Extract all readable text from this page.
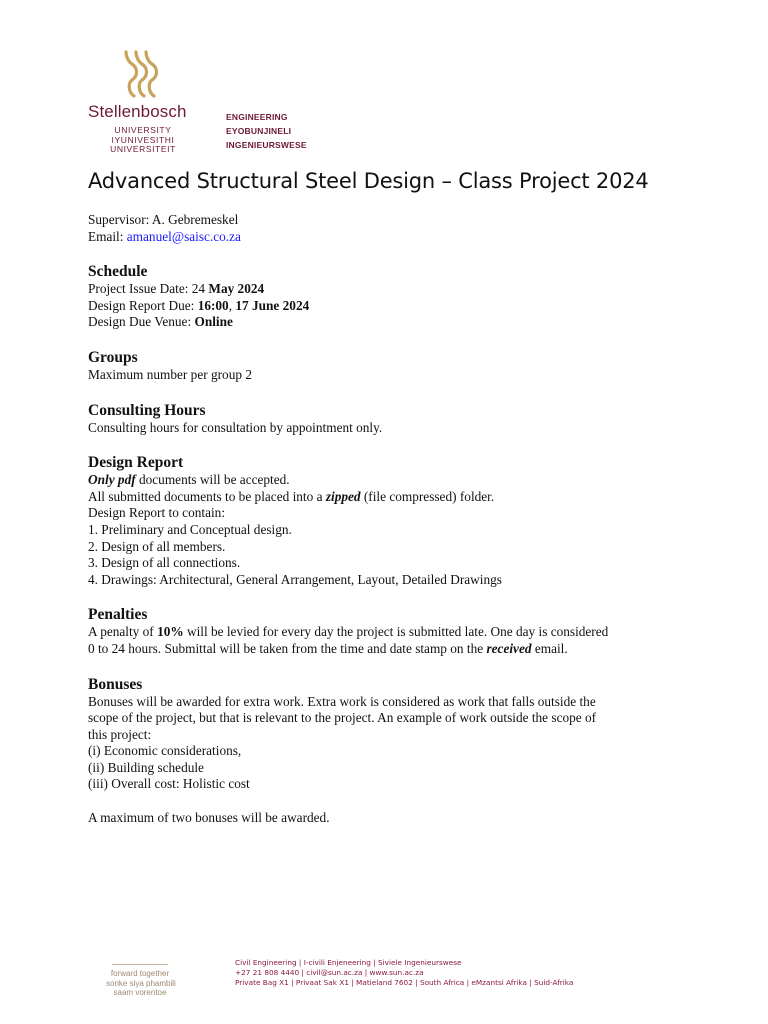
Stellenbosch
UNIVERSITY
IYUNIVESITHI
UNIVERSITEIT
ENGINEERING
EYOBUNJINELI
INGENIEURSWESE
Advanced Structural Steel Design – Class Project 2024
Supervisor: A. Gebremeskel
Email: amanuel@saisc.co.za
Schedule
Project Issue Date: 24 May 2024
Design Report Due: 16:00, 17 June 2024
Design Due Venue: Online
Groups
Maximum number per group 2
Consulting Hours
Consulting hours for consultation by appointment only.
Design Report
Only pdf documents will be accepted.
All submitted documents to be placed into a zipped (file compressed) folder.
Design Report to contain:
1. Preliminary and Conceptual design.
2. Design of all members.
3. Design of all connections.
4. Drawings: Architectural, General Arrangement, Layout, Detailed Drawings
Penalties
A penalty of 10% will be levied for every day the project is submitted late. One day is considered
0 to 24 hours. Submittal will be taken from the time and date stamp on the received email.
Bonuses
Bonuses will be awarded for extra work. Extra work is considered as work that falls outside the
scope of the project, but that is relevant to the project. An example of work outside the scope of
this project:
(i) Economic considerations,
(ii) Building schedule
(iii) Overall cost: Holistic cost
A maximum of two bonuses will be awarded.
forward together
sonke siya phambili
saam vorentoe
Civil Engineering | I-civili Enjeneering | Siviele Ingenieurswese
+27 21 808 4440 | civil@sun.ac.za | www.sun.ac.za
Private Bag X1 | Privaat Sak X1 | Matieland 7602 | South Africa | eMzantsi Afrika | Suid-Afrika
